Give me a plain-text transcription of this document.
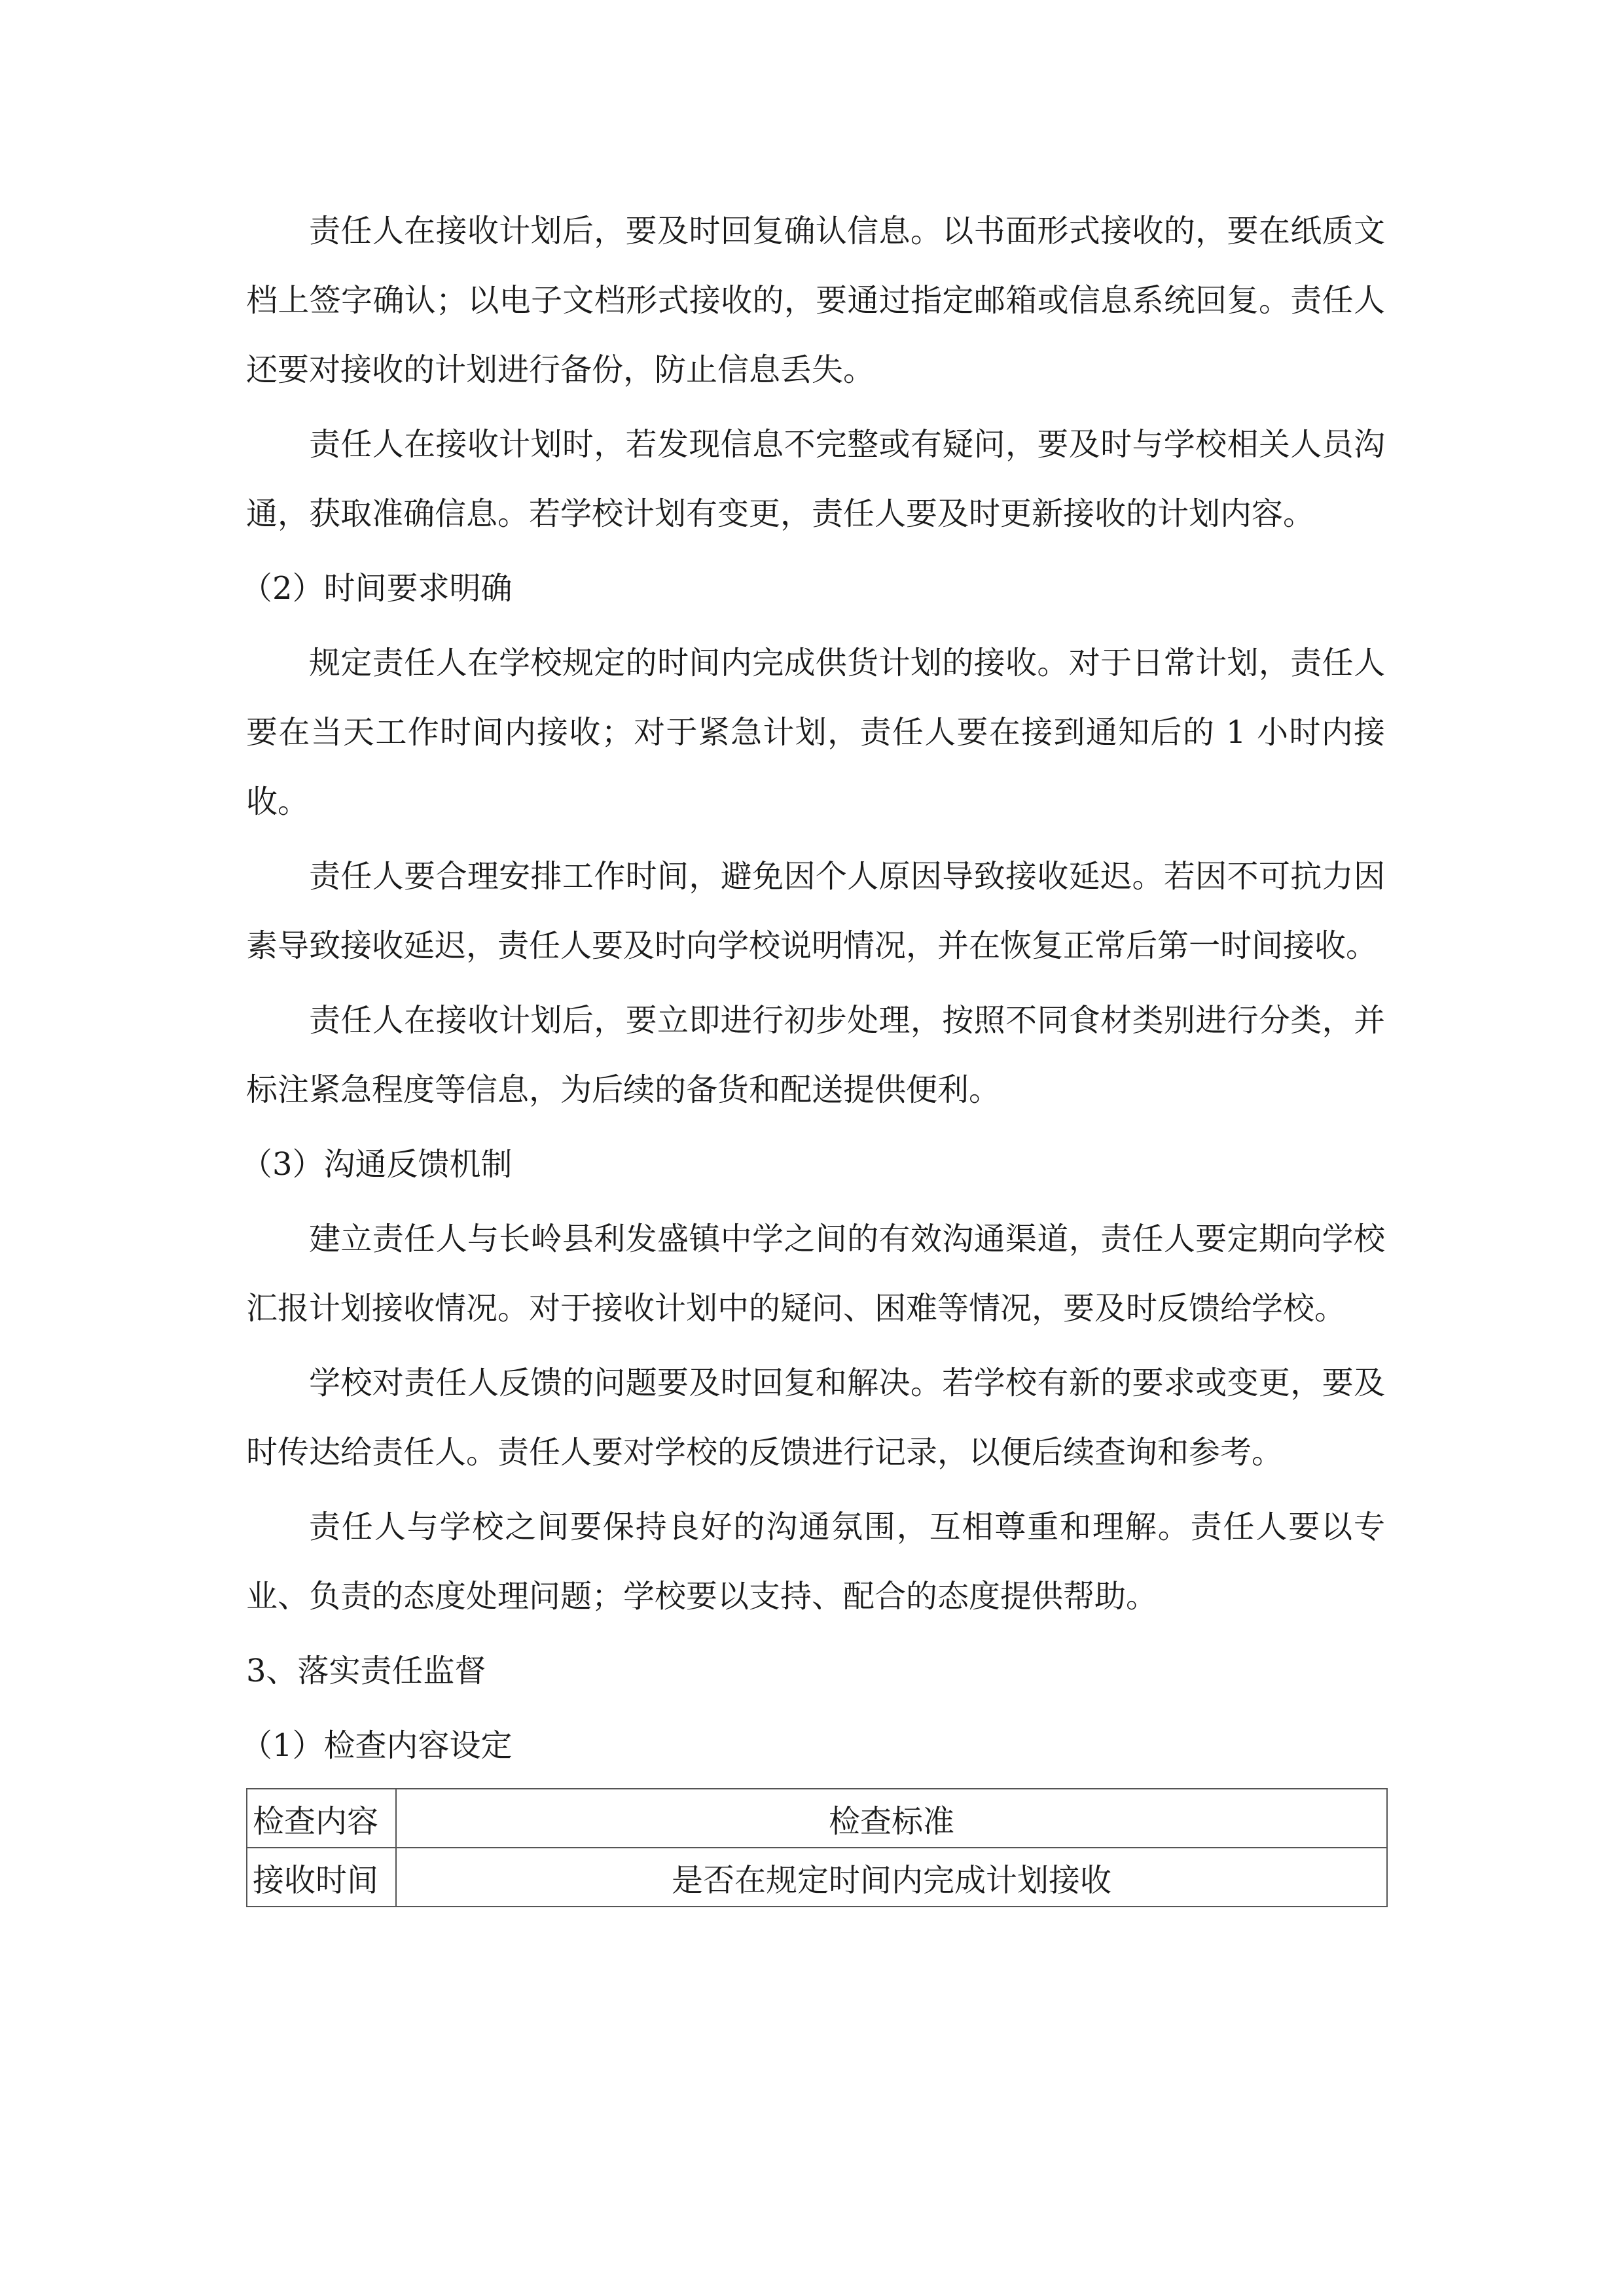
责任人在接收计划后，要及时回复确认信息。以书面形式接收的，要在纸质文档上签字确认；以电子文档形式接收的，要通过指定邮箱或信息系统回复。责任人还要对接收的计划进行备份，防止信息丢失。

责任人在接收计划时，若发现信息不完整或有疑问，要及时与学校相关人员沟通，获取准确信息。若学校计划有变更，责任人要及时更新接收的计划内容。

（2）时间要求明确

规定责任人在学校规定的时间内完成供货计划的接收。对于日常计划，责任人要在当天工作时间内接收；对于紧急计划，责任人要在接到通知后的 1 小时内接收。

责任人要合理安排工作时间，避免因个人原因导致接收延迟。若因不可抗力因素导致接收延迟，责任人要及时向学校说明情况，并在恢复正常后第一时间接收。

责任人在接收计划后，要立即进行初步处理，按照不同食材类别进行分类，并标注紧急程度等信息，为后续的备货和配送提供便利。

（3）沟通反馈机制

建立责任人与长岭县利发盛镇中学之间的有效沟通渠道，责任人要定期向学校汇报计划接收情况。对于接收计划中的疑问、困难等情况，要及时反馈给学校。

学校对责任人反馈的问题要及时回复和解决。若学校有新的要求或变更，要及时传达给责任人。责任人要对学校的反馈进行记录，以便后续查询和参考。

责任人与学校之间要保持良好的沟通氛围，互相尊重和理解。责任人要以专业、负责的态度处理问题；学校要以支持、配合的态度提供帮助。

3、落实责任监督

（1）检查内容设定

检查内容	检查标准
接收时间	是否在规定时间内完成计划接收
